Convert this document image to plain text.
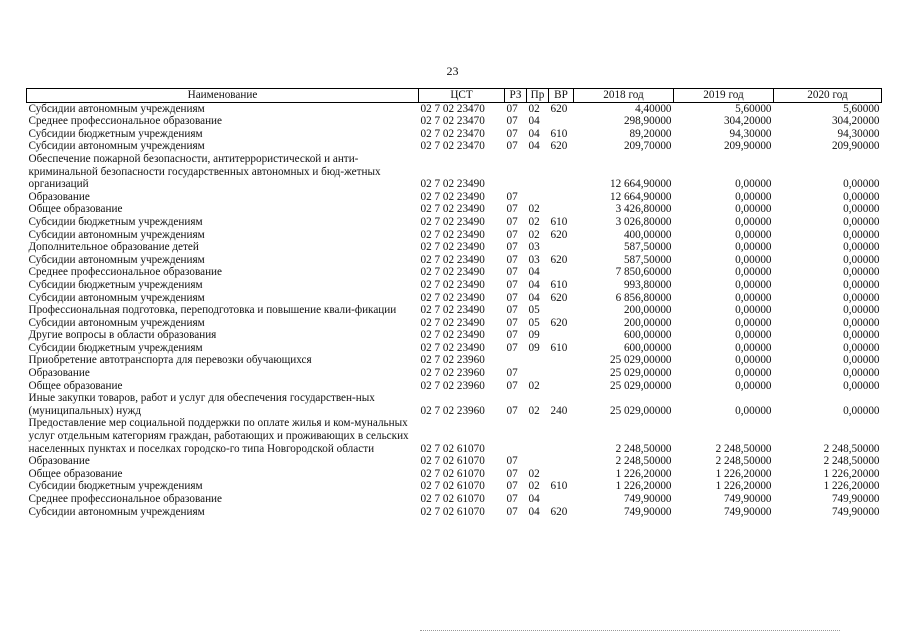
23
Наименование	ЦСТ	РЗ	Пр	ВР	2018 год	2019 год	2020 год
Субсидии автономным учреждениям	02 7 02 23470	07	02	620	4,40000	5,60000	5,60000
Среднее профессиональное образование	02 7 02 23470	07	04		298,90000	304,20000	304,20000
Субсидии бюджетным учреждениям	02 7 02 23470	07	04	610	89,20000	94,30000	94,30000
Субсидии автономным учреждениям	02 7 02 23470	07	04	620	209,70000	209,90000	209,90000
Обеспечение пожарной безопасности, антитеррористической и анти-криминальной безопасности государственных автономных и бюд-жетных организаций	02 7 02 23490				12 664,90000	0,00000	0,00000
Образование	02 7 02 23490	07			12 664,90000	0,00000	0,00000
Общее образование	02 7 02 23490	07	02		3 426,80000	0,00000	0,00000
Субсидии бюджетным учреждениям	02 7 02 23490	07	02	610	3 026,80000	0,00000	0,00000
Субсидии автономным учреждениям	02 7 02 23490	07	02	620	400,00000	0,00000	0,00000
Дополнительное образование детей	02 7 02 23490	07	03		587,50000	0,00000	0,00000
Субсидии автономным учреждениям	02 7 02 23490	07	03	620	587,50000	0,00000	0,00000
Среднее профессиональное образование	02 7 02 23490	07	04		7 850,60000	0,00000	0,00000
Субсидии бюджетным учреждениям	02 7 02 23490	07	04	610	993,80000	0,00000	0,00000
Субсидии автономным учреждениям	02 7 02 23490	07	04	620	6 856,80000	0,00000	0,00000
Профессиональная подготовка, переподготовка и повышение квали-фикации	02 7 02 23490	07	05		200,00000	0,00000	0,00000
Субсидии автономным учреждениям	02 7 02 23490	07	05	620	200,00000	0,00000	0,00000
Другие вопросы в области образования	02 7 02 23490	07	09		600,00000	0,00000	0,00000
Субсидии бюджетным учреждениям	02 7 02 23490	07	09	610	600,00000	0,00000	0,00000
Приобретение автотранспорта для перевозки обучающихся	02 7 02 23960				25 029,00000	0,00000	0,00000
Образование	02 7 02 23960	07			25 029,00000	0,00000	0,00000
Общее образование	02 7 02 23960	07	02		25 029,00000	0,00000	0,00000
Иные закупки товаров, работ и услуг для обеспечения государствен-ных (муниципальных) нужд	02 7 02 23960	07	02	240	25 029,00000	0,00000	0,00000
Предоставление мер социальной поддержки по оплате жилья и ком-мунальных услуг отдельным категориям граждан, работающих и проживающих в сельских населенных пунктах и поселках городско-го типа Новгородской области	02 7 02 61070				2 248,50000	2 248,50000	2 248,50000
Образование	02 7 02 61070	07			2 248,50000	2 248,50000	2 248,50000
Общее образование	02 7 02 61070	07	02		1 226,20000	1 226,20000	1 226,20000
Субсидии бюджетным учреждениям	02 7 02 61070	07	02	610	1 226,20000	1 226,20000	1 226,20000
Среднее профессиональное образование	02 7 02 61070	07	04		749,90000	749,90000	749,90000
Субсидии автономным учреждениям	02 7 02 61070	07	04	620	749,90000	749,90000	749,90000
